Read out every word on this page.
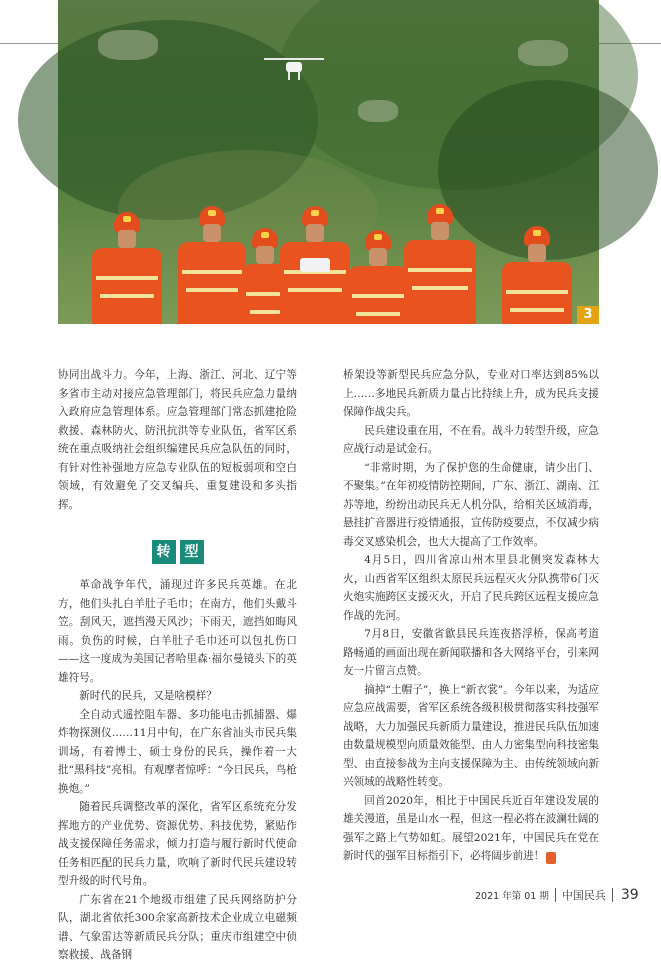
3

协同出战斗力。今年，上海、浙江、河北、辽宁等多省市主动对接应急管理部门，将民兵应急力量纳入政府应急管理体系。应急管理部门常态抓建抢险救援、森林防火、防汛抗洪等专业队伍，省军区系统在重点吸纳社会组织编建民兵应急队伍的同时，有针对性补强地方应急专业队伍的短板弱项和空白领域，有效避免了交叉编兵、重复建设和多头指挥。

转	型

革命战争年代，涌现过许多民兵英雄。在北方，他们头扎白羊肚子毛巾；在南方，他们头戴斗笠。刮风天，遮挡漫天风沙；下雨天，遮挡如晦风雨。负伤的时候，白羊肚子毛巾还可以包扎伤口——这一度成为美国记者哈里森·福尔曼镜头下的英雄符号。

新时代的民兵，又是啥模样？

全自动式遥控阻车器、多功能电击抓捕器、爆炸物探测仪……11月中旬，在广东省汕头市民兵集训场，有着博士、硕士身份的民兵，操作着一大批“黑科技”亮相。有观摩者惊呼：“今日民兵，鸟枪换炮。”

随着民兵调整改革的深化，省军区系统充分发挥地方的产业优势、资源优势、科技优势，紧贴作战支援保障任务需求，倾力打造与履行新时代使命任务相匹配的民兵力量，吹响了新时代民兵建设转型升级的时代号角。

广东省在21个地级市组建了民兵网络防护分队，湖北省依托300余家高新技术企业成立电磁频谱、气象雷达等新质民兵分队；重庆市组建空中侦察救援、战备钢

桥架设等新型民兵应急分队，专业对口率达到85%以上……多地民兵新质力量占比持续上升，成为民兵支援保障作战尖兵。

民兵建设重在用，不在看。战斗力转型升级，应急应战行动是试金石。

“非常时期，为了保护您的生命健康，请少出门、不聚集。”在年初疫情防控期间，广东、浙江、湖南、江苏等地，纷纷出动民兵无人机分队，给相关区域消毒，悬挂扩音器进行疫情通报，宣传防疫要点，不仅减少病毒交叉感染机会，也大大提高了工作效率。

4月5日，四川省凉山州木里县北侧突发森林大火，山西省军区组织太原民兵远程灭火分队携带6门灭火炮实施跨区支援灭火，开启了民兵跨区远程支援应急作战的先河。

7月8日，安徽省歙县民兵连夜搭浮桥，保高考道路畅通的画面出现在新闻联播和各大网络平台，引来网友一片留言点赞。

摘掉“土帽子”，换上“新衣裳”。今年以来，为适应应急应战需要，省军区系统各级积极贯彻落实科技强军战略，大力加强民兵新质力量建设，推进民兵队伍加速由数量规模型向质量效能型、由人力密集型向科技密集型、由直接参战为主向支援保障为主、由传统领域向新兴领域的战略性转变。

回首2020年，相比于中国民兵近百年建设发展的雄关漫道，虽是山水一程，但这一程必将在波澜壮阔的强军之路上气势如虹。展望2021年，中国民兵在党在新时代的强军目标指引下，必将阔步前进！	民

2021 年第 01 期 中国民兵 39
